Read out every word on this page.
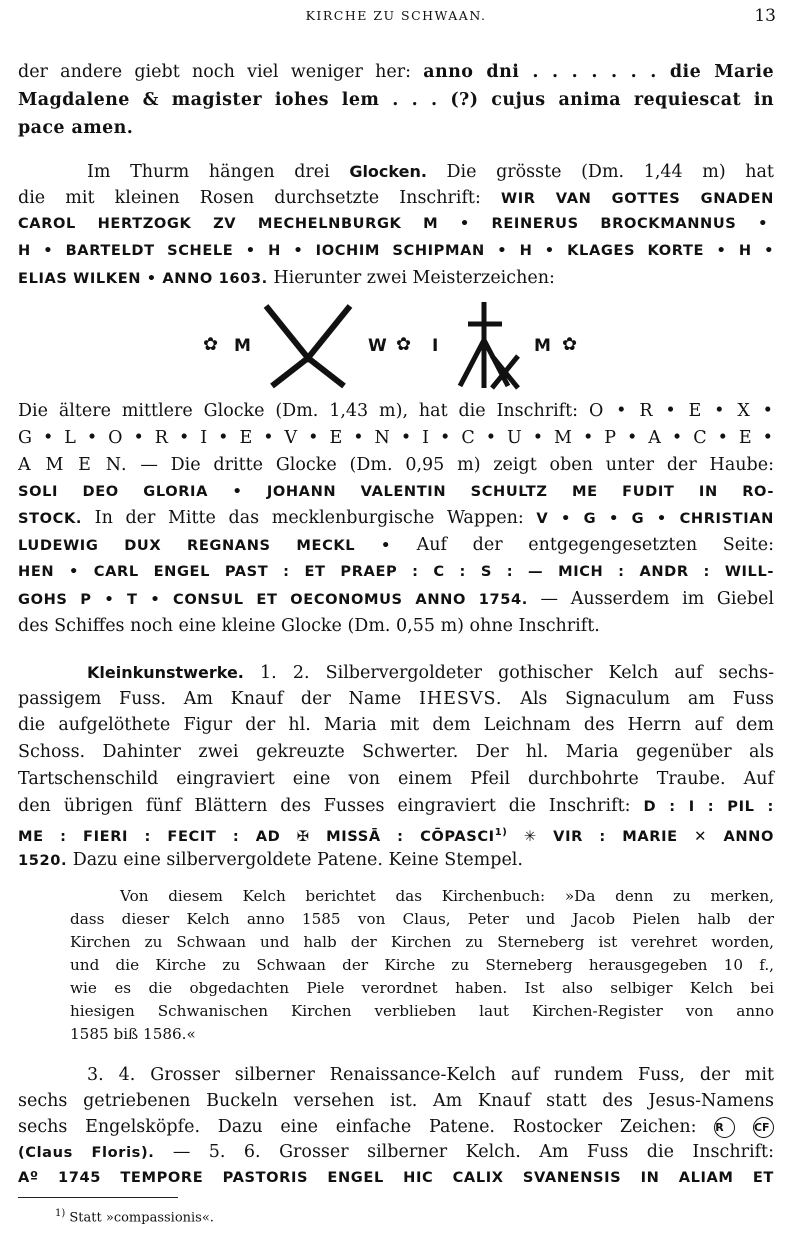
KIRCHE ZU SCHWAAN.	13
der andere giebt noch viel weniger her: anno dni . . . . . . . die Marie
Magdalene & magister iohes lem . . . (?) cujus anima requiescat in
pace amen.
Im Thurm hängen drei Glocken. Die grösste (Dm. 1,44 m) hat
die mit kleinen Rosen durchsetzte Inschrift: WIR VAN GOTTES GNADEN
CAROL HERTZOGK ZV MECHELNBURGK M • REINERUS BROCKMANNUS •
H • BARTELDT SCHELE • H • IOCHIM SCHIPMAN • H • KLAGES KORTE • H •
ELIAS WILKEN • ANNO 1603. Hierunter zwei Meisterzeichen:
✿ M	W ✿ I	M ✿
Die ältere mittlere Glocke (Dm. 1,43 m), hat die Inschrift: O • R • E • X •
G • L • O • R • I • E • V • E • N • I • C • U • M • P • A • C • E •
A M E N. — Die dritte Glocke (Dm. 0,95 m) zeigt oben unter der Haube:
SOLI DEO GLORIA • JOHANN VALENTIN SCHULTZ ME FUDIT IN RO-
STOCK. In der Mitte das mecklenburgische Wappen: V • G • G • CHRISTIAN
LUDEWIG DUX REGNANS MECKL • Auf der entgegengesetzten Seite:
HEN • CARL ENGEL PAST : ET PRAEP : C : S : — MICH : ANDR : WILL-
GOHS P • T • CONSUL ET OECONOMUS ANNO 1754. — Ausserdem im Giebel
des Schiffes noch eine kleine Glocke (Dm. 0,55 m) ohne Inschrift.
Kleinkunstwerke. 1. 2. Silbervergoldeter gothischer Kelch auf sechs-
passigem Fuss. Am Knauf der Name IHESVS. Als Signaculum am Fuss
die aufgelöthete Figur der hl. Maria mit dem Leichnam des Herrn auf dem
Schoss. Dahinter zwei gekreuzte Schwerter. Der hl. Maria gegenüber als
Tartschenschild eingraviert eine von einem Pfeil durchbohrte Traube. Auf
den übrigen fünf Blättern des Fusses eingraviert die Inschrift: D : I : PIL :
ME : FIERI : FECIT : AD ✠ MISSĀ : CŌPASCI$^{1)}$ ✳ VIR : MARIE ✕ ANNO
1520. Dazu eine silbervergoldete Patene. Keine Stempel.
Von diesem Kelch berichtet das Kirchenbuch: »Da denn zu merken,
dass dieser Kelch anno 1585 von Claus, Peter und Jacob Pielen halb der
Kirchen zu Schwaan und halb der Kirchen zu Sterneberg ist verehret worden,
und die Kirche zu Schwaan der Kirche zu Sterneberg herausgegeben 10 f.,
wie es die obgedachten Piele verordnet haben. Ist also selbiger Kelch bei
hiesigen Schwanischen Kirchen verblieben laut Kirchen-Register von anno
1585 biß 1586.«
3. 4. Grosser silberner Renaissance-Kelch auf rundem Fuss, der mit
sechs getriebenen Buckeln versehen ist. Am Knauf statt des Jesus-Namens
sechs Engelsköpfe. Dazu eine einfache Patene. Rostocker Zeichen: R	CF
(Claus Floris). — 5. 6. Grosser silberner Kelch. Am Fuss die Inschrift:
Aº 1745 TEMPORE PASTORIS ENGEL HIC CALIX SVANENSIS IN ALIAM ET
$^{1)}$ Statt »compassionis«.
